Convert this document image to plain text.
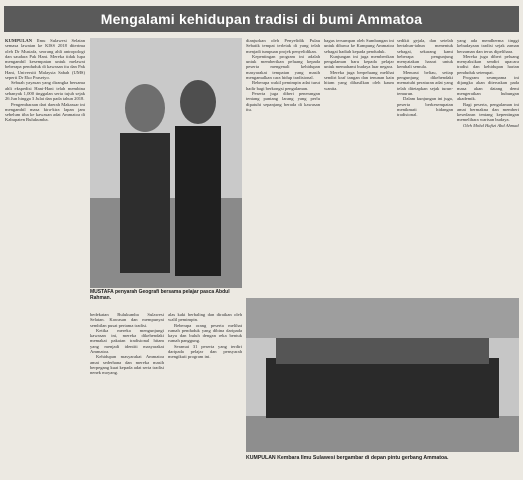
Mengalami kehidupan tradisi di bumi Ammatoa

KUMPULAN Ilmu Sulawesi Selatan semasa lawatan ke KISS 2018 diterima oleh Dr Mustafa, seorang ahli antropologi dan saudara Pak Hani. Mereka tidak lupa mengambil kesempatan untuk melawat beberapa penduduk di kawasan itu dan Pak Hani, Universiti Malaysia Sabah (UMS) seperti Dr Eko Prasetyo.

Sebuah yayasan yang dirangka bersama ahli ekspedisi Hani-Hani telah membina sebanyak 1,000 tinggalan serta tujuh sejak 26 Jun hingga 3 Julai dan pada tahun 2018.

Pengembaraan dari daerah Makassar ini mengambil masa kira-kira lapan jam sebelum tiba ke kawasan adat Ammatoa di Kabupaten Bulukumba.

MUSTAFA penyarah Geografi bersama pelajar pasca Abdul Rahman.

bedekatan Bulukumba Sulawesi Selatan. Kawasan dan mempunyai sembilan pusat pertama tradisi.

Ketika mereka mengunjungi kawasan ini, mereka dikehendaki memakai pakaian tradisional hitam yang menjadi identiti masyarakat Ammatoa.

Kehidupan masyarakat Ammatoa amat sederhana dan mereka masih berpegang kuat kepada adat serta tradisi nenek moyang.

alas kaki berbaling dan diraikan oleh walil pemimpin.

Beberapa orang peserta melihat rumah penduduk yang dibina daripada kayu dan buluh dengan reka bentuk rumah panggung.

Seramai 31 peserta yang terdiri daripada pelajar dan pensyarah mengikuti program ini.

dianjurkan oleh Penyelidik Pulau Sebatik tempat terletak di yang telah menjadi tumpuan projek penyelidikan.

Kepentingan program ini adalah untuk memberikan peluang kepada peserta mengenali kehidupan masyarakat tempatan yang masih mengamalkan cara hidup tradisional.

Beberapa wakil pemimpin adat turut hadir bagi berkongsi pengalaman.

Peserta juga diberi penerangan tentang pantang larang yang perlu dipatuhi sepanjang berada di kawasan itu.

bagus tersumpan oleh Sumbangan ini untuk dibawa ke Kampung Ammatoa sebagai hadiah kepada penduduk.

Kunjungan ini juga memberikan pengalaman baru kepada pelajar untuk memahami budaya luar negara.

Mereka juga berpeluang melihat sendiri kraf tangan dan tenunan kain hitam yang dihasilkan oleh kaum wanita.

sedikit gejala, dan setelah bertahun-tahun menentuk sebagai, sekarang kami beberapa pengunjung menyatakan hasrat untuk kembali semula.

Menurut beliau, setiap pengunjung dikehendaki mematuhi peraturan adat yang telah ditetapkan sejak turun-temurun.

Dalam kunjungan ini juga, peserta berkesempatan menikmati hidangan tradisional.

yang ada mendherma tinggi kebudayaan tradisi sejak zaman berzaman dan terus dipelihara.

Mereka juga diberi peluang menyaksikan sendiri upacara tradisi dan kehidupan harian penduduk setempat.

Program seumpama ini dijangka akan diteruskan pada masa akan datang demi mengeratkan hubungan akademik.

Bagi peserta, pengalaman ini amat bermakna dan memberi kesedaran tentang kepentingan memelihara warisan budaya.

Oleh Mohd Hafizi Abd Ahmad

KUMPULAN Kembara Ilmu Sulawesi bergambar di depan pintu gerbang Ammatoa.
